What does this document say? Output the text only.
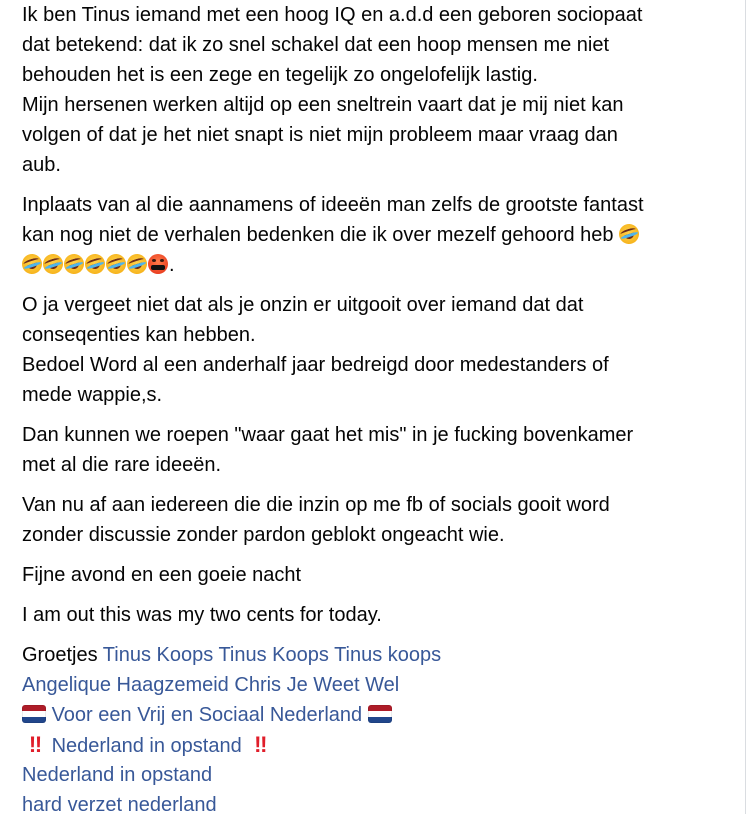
Ik ben Tinus iemand met een hoog IQ en a.d.d een geboren sociopaat
dat betekend: dat ik zo snel schakel dat een hoop mensen me niet
behouden het is een zege en tegelijk zo ongelofelijk lastig.
Mijn hersenen werken altijd op een sneltrein vaart dat je mij niet kan
volgen of dat je het niet snapt is niet mijn probleem maar vraag dan
aub.

Inplaats van al die aannamens of ideeën man zelfs de grootste fantast
kan nog niet de verhalen bedenken die ik over mezelf gehoord heb
.

O ja vergeet niet dat als je onzin er uitgooit over iemand dat dat
conseqenties kan hebben.
Bedoel Word al een anderhalf jaar bedreigd door medestanders of
mede wappie,s.

Dan kunnen we roepen "waar gaat het mis" in je fucking bovenkamer
met al die rare ideeën.

Van nu af aan iedereen die die inzin op me fb of socials gooit word
zonder discussie zonder pardon geblokt ongeacht wie.

Fijne avond en een goeie nacht

I am out this was my two cents for today.

Groetjes Tinus Koops Tinus Koops Tinus koops
Angelique Haagzemeid Chris Je Weet Wel
Voor een Vrij en Sociaal Nederland
‼ Nederland in opstand ‼
Nederland in opstand
hard verzet nederland
